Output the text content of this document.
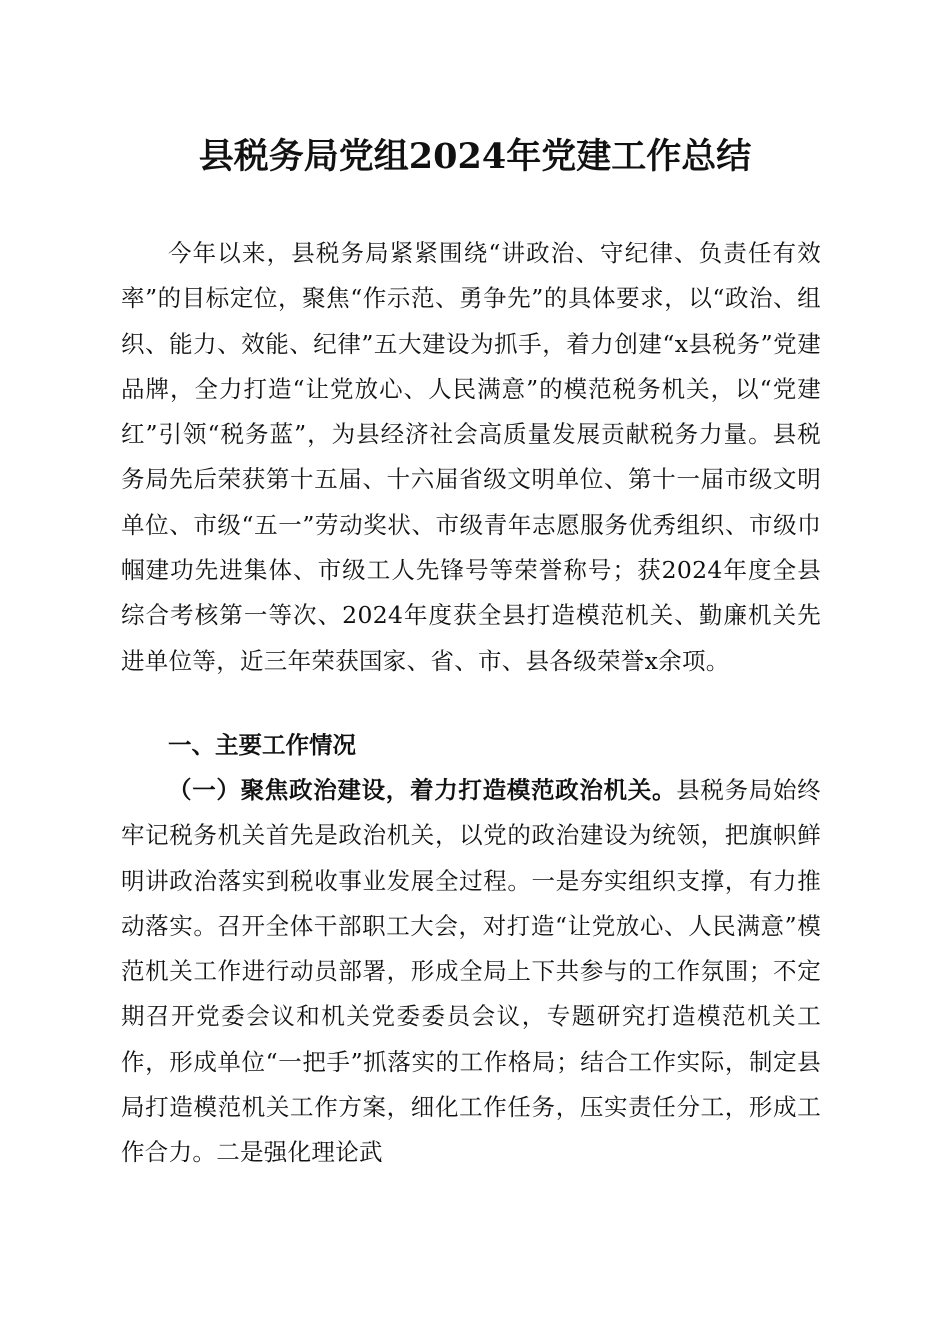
县税务局党组2024年党建工作总结

今年以来，县税务局紧紧围绕“讲政治、守纪律、负责任有效率”的目标定位，聚焦“作示范、勇争先”的具体要求，以“政治、组织、能力、效能、纪律”五大建设为抓手，着力创建“x县税务”党建品牌，全力打造“让党放心、人民满意”的模范税务机关，以“党建红”引领“税务蓝”，为县经济社会高质量发展贡献税务力量。县税务局先后荣获第十五届、十六届省级文明单位、第十一届市级文明单位、市级“五一”劳动奖状、市级青年志愿服务优秀组织、市级巾帼建功先进集体、市级工人先锋号等荣誉称号；获2024年度全县综合考核第一等次、2024年度获全县打造模范机关、勤廉机关先进单位等，近三年荣获国家、省、市、县各级荣誉x余项。

一、主要工作情况

（一）聚焦政治建设，着力打造模范政治机关。县税务局始终牢记税务机关首先是政治机关，以党的政治建设为统领，把旗帜鲜明讲政治落实到税收事业发展全过程。一是夯实组织支撑，有力推动落实。召开全体干部职工大会，对打造“让党放心、人民满意”模范机关工作进行动员部署，形成全局上下共参与的工作氛围；不定期召开党委会议和机关党委委员会议，专题研究打造模范机关工作，形成单位“一把手”抓落实的工作格局；结合工作实际，制定县局打造模范机关工作方案，细化工作任务，压实责任分工，形成工作合力。二是强化理论武
